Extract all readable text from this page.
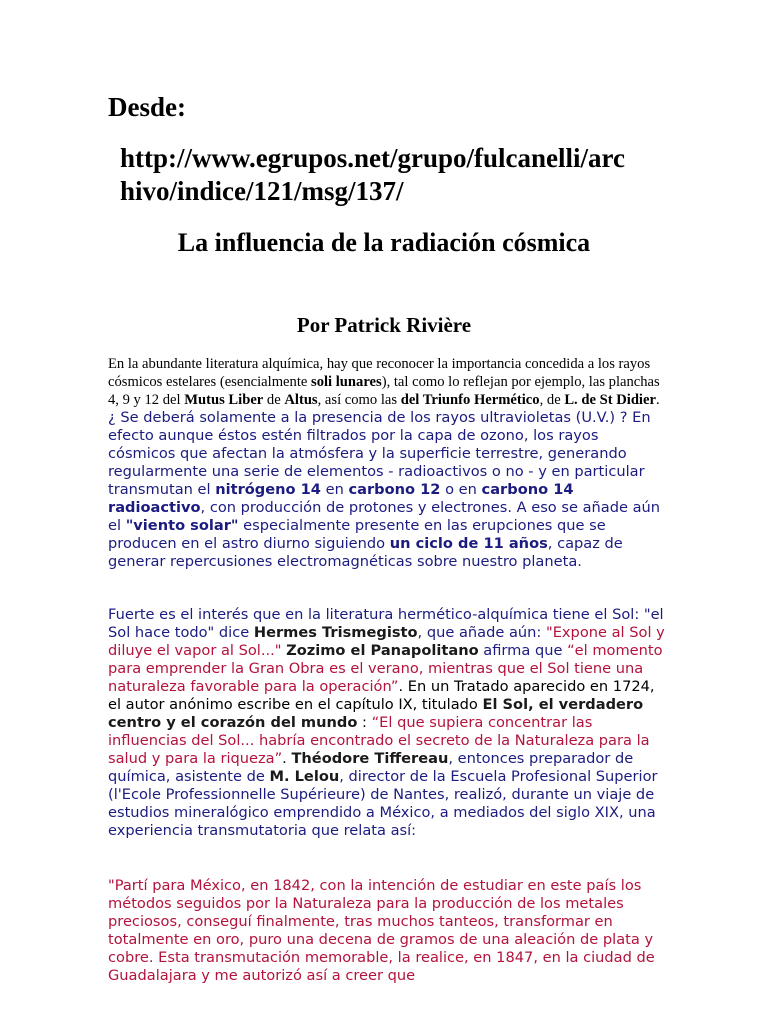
Desde:
http://www.egrupos.net/grupo/fulcanelli/arc
hivo/indice/121/msg/137/
La influencia de la radiación cósmica
Por Patrick Rivière

En la abundante literatura alquímica, hay que reconocer la importancia concedida a los rayos cósmicos estelares (esencialmente soli lunares), tal como lo reflejan por ejemplo, las planchas 4, 9 y 12 del Mutus Liber de Altus, así como las del Triunfo Hermético, de L. de St Didier. ¿ Se deberá solamente a la presencia de los rayos ultravioletas (U.V.) ? En efecto aunque éstos estén filtrados por la capa de ozono, los rayos cósmicos que afectan la atmósfera y la superficie terrestre, generando regularmente una serie de elementos - radioactivos o no - y en particular transmutan el nitrógeno 14 en carbono 12 o en carbono 14 radioactivo, con producción de protones y electrones. A eso se añade aún el "viento solar" especialmente presente en las erupciones que se producen en el astro diurno siguiendo un ciclo de 11 años, capaz de generar repercusiones electromagnéticas sobre nuestro planeta.

Fuerte es el interés que en la literatura hermético-alquímica tiene el Sol: "el Sol hace todo" dice Hermes Trismegisto, que añade aún: "Expone al Sol y diluye el vapor al Sol..." Zozimo el Panapolitano afirma que “el momento para emprender la Gran Obra es el verano, mientras que el Sol tiene una naturaleza favorable para la operación”. En un Tratado aparecido en 1724, el autor anónimo escribe en el capítulo IX, titulado El Sol, el verdadero centro y el corazón del mundo : “El que supiera concentrar las influencias del Sol... habría encontrado el secreto de la Naturaleza para la salud y para la riqueza”. Théodore Tiffereau, entonces preparador de química, asistente de M. Lelou, director de la Escuela Profesional Superior (l'Ecole Professionnelle Supérieure) de Nantes, realizó, durante un viaje de estudios mineralógico emprendido a México, a mediados del siglo XIX, una experiencia transmutatoria que relata así:

"Partí para México, en 1842, con la intención de estudiar en este país los métodos seguidos por la Naturaleza para la producción de los metales preciosos, conseguí finalmente, tras muchos tanteos, transformar en totalmente en oro, puro una decena de gramos de una aleación de plata y cobre. Esta transmutación memorable, la realice, en 1847, en la ciudad de Guadalajara y me autorizó así a creer que
